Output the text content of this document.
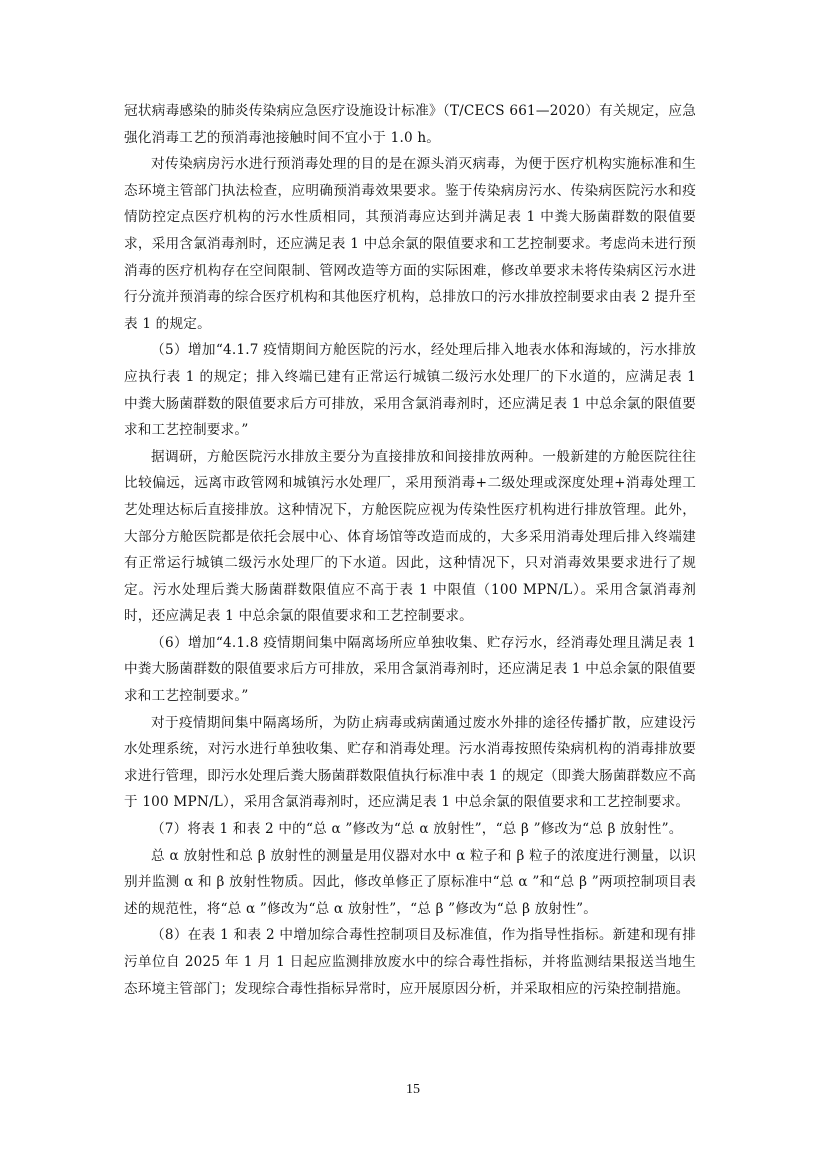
冠状病毒感染的肺炎传染病应急医疗设施设计标准》（T/CECS 661—2020）有关规定，应急强化消毒工艺的预消毒池接触时间不宜小于 1.0 h。

对传染病房污水进行预消毒处理的目的是在源头消灭病毒，为便于医疗机构实施标准和生态环境主管部门执法检查，应明确预消毒效果要求。鉴于传染病房污水、传染病医院污水和疫情防控定点医疗机构的污水性质相同，其预消毒应达到并满足表 1 中粪大肠菌群数的限值要求，采用含氯消毒剂时，还应满足表 1 中总余氯的限值要求和工艺控制要求。考虑尚未进行预消毒的医疗机构存在空间限制、管网改造等方面的实际困难，修改单要求未将传染病区污水进行分流并预消毒的综合医疗机构和其他医疗机构，总排放口的污水排放控制要求由表 2 提升至表 1 的规定。

（5）增加“4.1.7 疫情期间方舱医院的污水，经处理后排入地表水体和海域的，污水排放应执行表 1 的规定；排入终端已建有正常运行城镇二级污水处理厂的下水道的，应满足表 1 中粪大肠菌群数的限值要求后方可排放，采用含氯消毒剂时，还应满足表 1 中总余氯的限值要求和工艺控制要求。”

据调研，方舱医院污水排放主要分为直接排放和间接排放两种。一般新建的方舱医院往往比较偏远，远离市政管网和城镇污水处理厂，采用预消毒+二级处理或深度处理+消毒处理工艺处理达标后直接排放。这种情况下，方舱医院应视为传染性医疗机构进行排放管理。此外，大部分方舱医院都是依托会展中心、体育场馆等改造而成的，大多采用消毒处理后排入终端建有正常运行城镇二级污水处理厂的下水道。因此，这种情况下，只对消毒效果要求进行了规定。污水处理后粪大肠菌群数限值应不高于表 1 中限值（100 MPN/L）。采用含氯消毒剂时，还应满足表 1 中总余氯的限值要求和工艺控制要求。

（6）增加“4.1.8 疫情期间集中隔离场所应单独收集、贮存污水，经消毒处理且满足表 1 中粪大肠菌群数的限值要求后方可排放，采用含氯消毒剂时，还应满足表 1 中总余氯的限值要求和工艺控制要求。”

对于疫情期间集中隔离场所，为防止病毒或病菌通过废水外排的途径传播扩散，应建设污水处理系统，对污水进行单独收集、贮存和消毒处理。污水消毒按照传染病机构的消毒排放要求进行管理，即污水处理后粪大肠菌群数限值执行标准中表 1 的规定（即粪大肠菌群数应不高于 100 MPN/L），采用含氯消毒剂时，还应满足表 1 中总余氯的限值要求和工艺控制要求。

（7）将表 1 和表 2 中的“总 α ”修改为“总 α 放射性”，“总 β ”修改为“总 β 放射性”。

总 α 放射性和总 β 放射性的测量是用仪器对水中 α 粒子和 β 粒子的浓度进行测量，以识别并监测 α 和 β 放射性物质。因此，修改单修正了原标准中“总 α ”和“总 β ”两项控制项目表述的规范性，将“总 α ”修改为“总 α 放射性”，“总 β ”修改为“总 β 放射性”。

（8）在表 1 和表 2 中增加综合毒性控制项目及标准值，作为指导性指标。新建和现有排污单位自 2025 年 1 月 1 日起应监测排放废水中的综合毒性指标，并将监测结果报送当地生态环境主管部门；发现综合毒性指标异常时，应开展原因分析，并采取相应的污染控制措施。

15
